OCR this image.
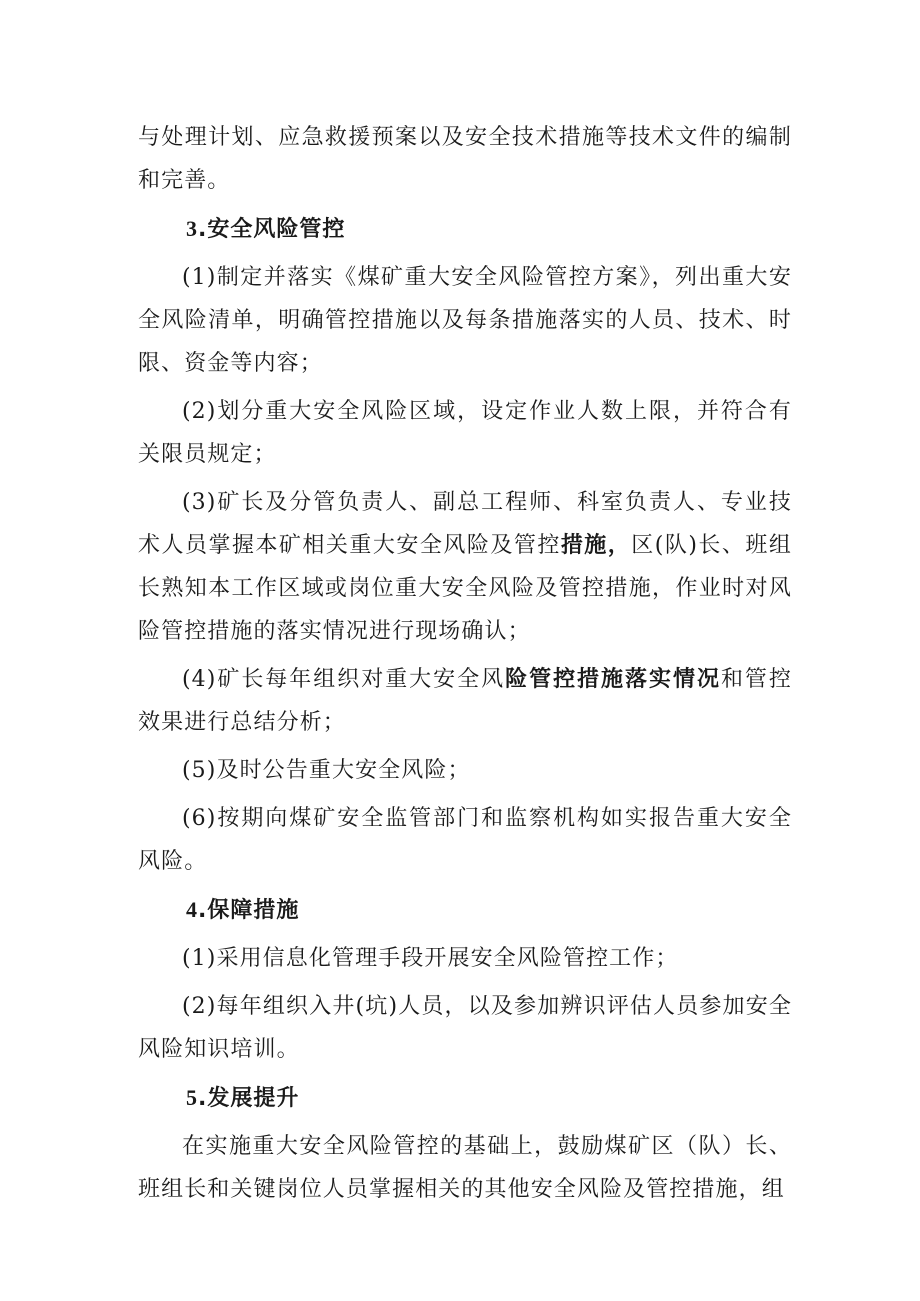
与处理计划、应急救援预案以及安全技术措施等技术文件的编制和完善。

3.安全风险管控

(1)制定并落实《煤矿重大安全风险管控方案》，列出重大安全风险清单，明确管控措施以及每条措施落实的人员、技术、时限、资金等内容；

(2)划分重大安全风险区域，设定作业人数上限，并符合有关限员规定；

(3)矿长及分管负责人、副总工程师、科室负责人、专业技术人员掌握本矿相关重大安全风险及管控措施，区(队)长、班组长熟知本工作区域或岗位重大安全风险及管控措施，作业时对风险管控措施的落实情况进行现场确认；

(4)矿长每年组织对重大安全风险管控措施落实情况和管控效果进行总结分析；

(5)及时公告重大安全风险；

(6)按期向煤矿安全监管部门和监察机构如实报告重大安全风险。

4.保障措施

(1)采用信息化管理手段开展安全风险管控工作；

(2)每年组织入井(坑)人员，以及参加辨识评估人员参加安全风险知识培训。

5.发展提升

在实施重大安全风险管控的基础上，鼓励煤矿区（队）长、班组长和关键岗位人员掌握相关的其他安全风险及管控措施，组
